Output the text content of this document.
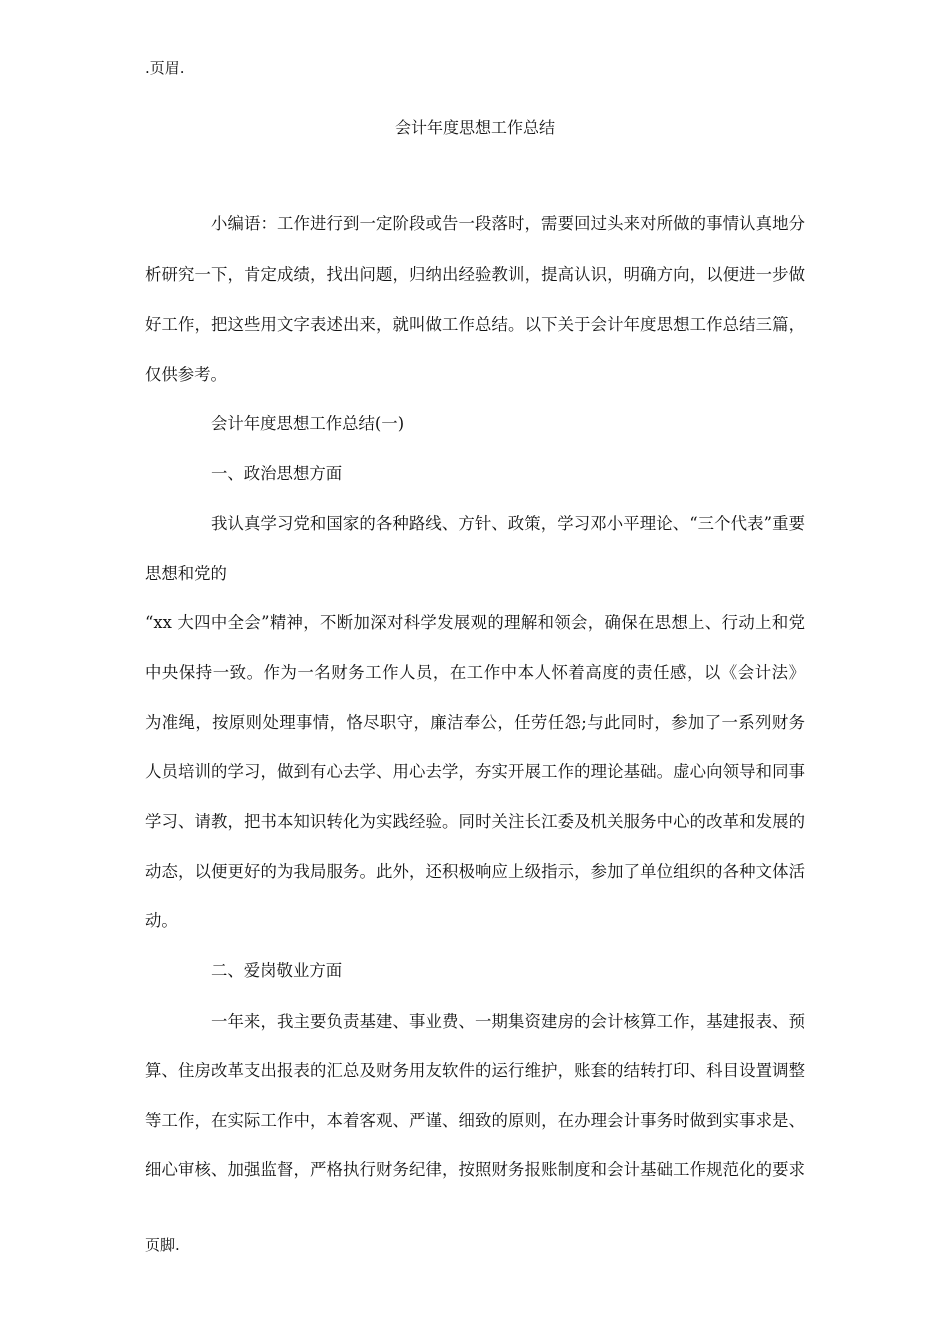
.页眉.
会计年度思想工作总结
小编语：工作进行到一定阶段或告一段落时，需要回过头来对所做的事情认真地分
析研究一下，肯定成绩，找出问题，归纳出经验教训，提高认识，明确方向，以便进一步做
好工作，把这些用文字表述出来，就叫做工作总结。以下关于会计年度思想工作总结三篇，
仅供参考。
会计年度思想工作总结(一)
一、政治思想方面
我认真学习党和国家的各种路线、方针、政策，学习邓小平理论、“三个代表”重要
思想和党的
“xx 大四中全会”精神，不断加深对科学发展观的理解和领会，确保在思想上、行动上和党
中央保持一致。作为一名财务工作人员，在工作中本人怀着高度的责任感，以《会计法》
为准绳，按原则处理事情，恪尽职守，廉洁奉公，任劳任怨;与此同时，参加了一系列财务
人员培训的学习，做到有心去学、用心去学，夯实开展工作的理论基础。虚心向领导和同事
学习、请教，把书本知识转化为实践经验。同时关注长江委及机关服务中心的改革和发展的
动态，以便更好的为我局服务。此外，还积极响应上级指示，参加了单位组织的各种文体活
动。
二、爱岗敬业方面
一年来，我主要负责基建、事业费、一期集资建房的会计核算工作，基建报表、预
算、住房改革支出报表的汇总及财务用友软件的运行维护，账套的结转打印、科目设置调整
等工作，在实际工作中，本着客观、严谨、细致的原则，在办理会计事务时做到实事求是、
细心审核、加强监督，严格执行财务纪律，按照财务报账制度和会计基础工作规范化的要求
页脚.
